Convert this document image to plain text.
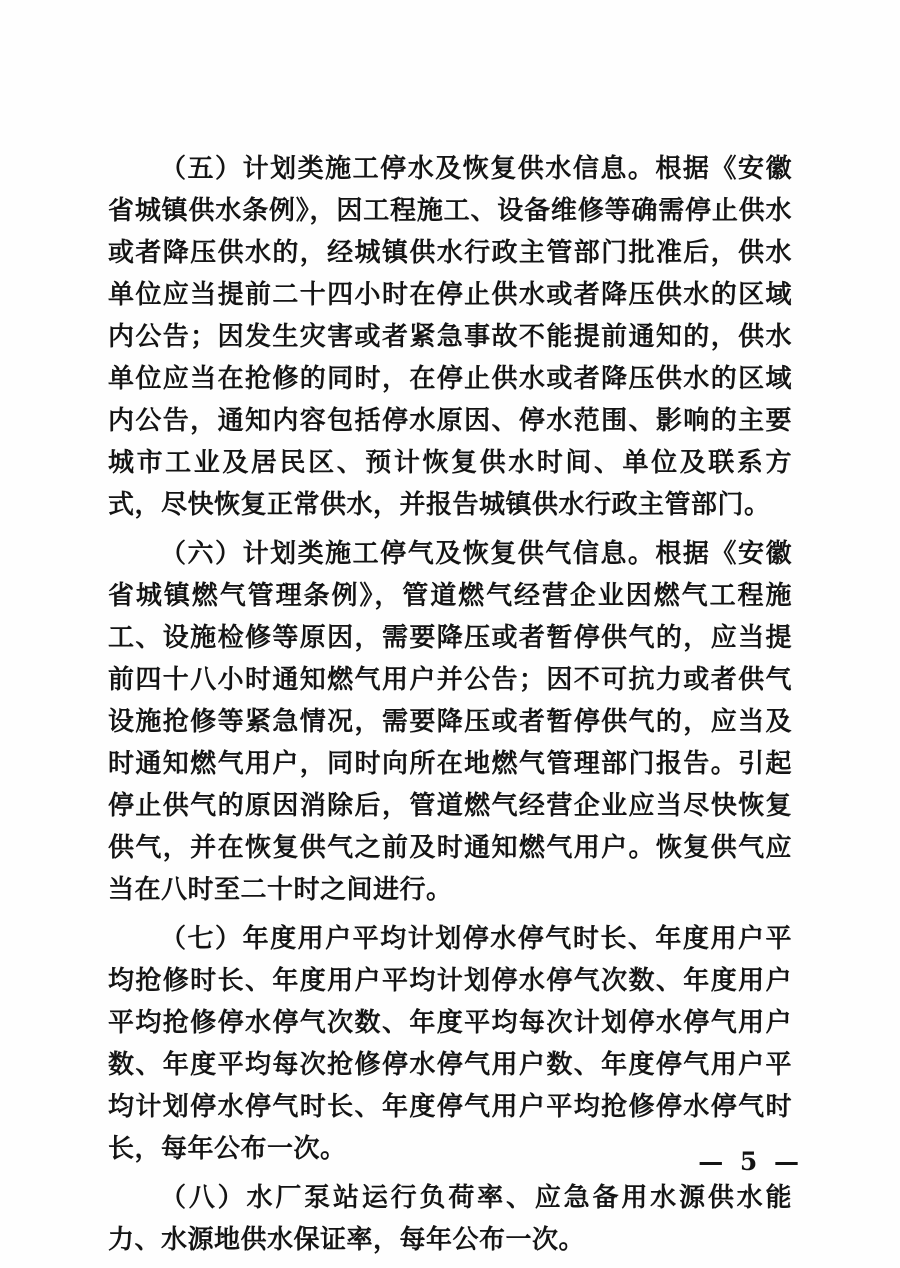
（五）计划类施工停水及恢复供水信息。根据《安徽省城镇供水条例》，因工程施工、设备维修等确需停止供水或者降压供水的，经城镇供水行政主管部门批准后，供水单位应当提前二十四小时在停止供水或者降压供水的区域内公告；因发生灾害或者紧急事故不能提前通知的，供水单位应当在抢修的同时，在停止供水或者降压供水的区域内公告，通知内容包括停水原因、停水范围、影响的主要城市工业及居民区、预计恢复供水时间、单位及联系方式，尽快恢复正常供水，并报告城镇供水行政主管部门。

（六）计划类施工停气及恢复供气信息。根据《安徽省城镇燃气管理条例》，管道燃气经营企业因燃气工程施工、设施检修等原因，需要降压或者暂停供气的，应当提前四十八小时通知燃气用户并公告；因不可抗力或者供气设施抢修等紧急情况，需要降压或者暂停供气的，应当及时通知燃气用户，同时向所在地燃气管理部门报告。引起停止供气的原因消除后，管道燃气经营企业应当尽快恢复供气，并在恢复供气之前及时通知燃气用户。恢复供气应当在八时至二十时之间进行。

（七）年度用户平均计划停水停气时长、年度用户平均抢修时长、年度用户平均计划停水停气次数、年度用户平均抢修停水停气次数、年度平均每次计划停水停气用户数、年度平均每次抢修停水停气用户数、年度停气用户平均计划停水停气时长、年度停气用户平均抢修停水停气时长，每年公布一次。

（八）水厂泵站运行负荷率、应急备用水源供水能力、水源地供水保证率，每年公布一次。

— 5 —
